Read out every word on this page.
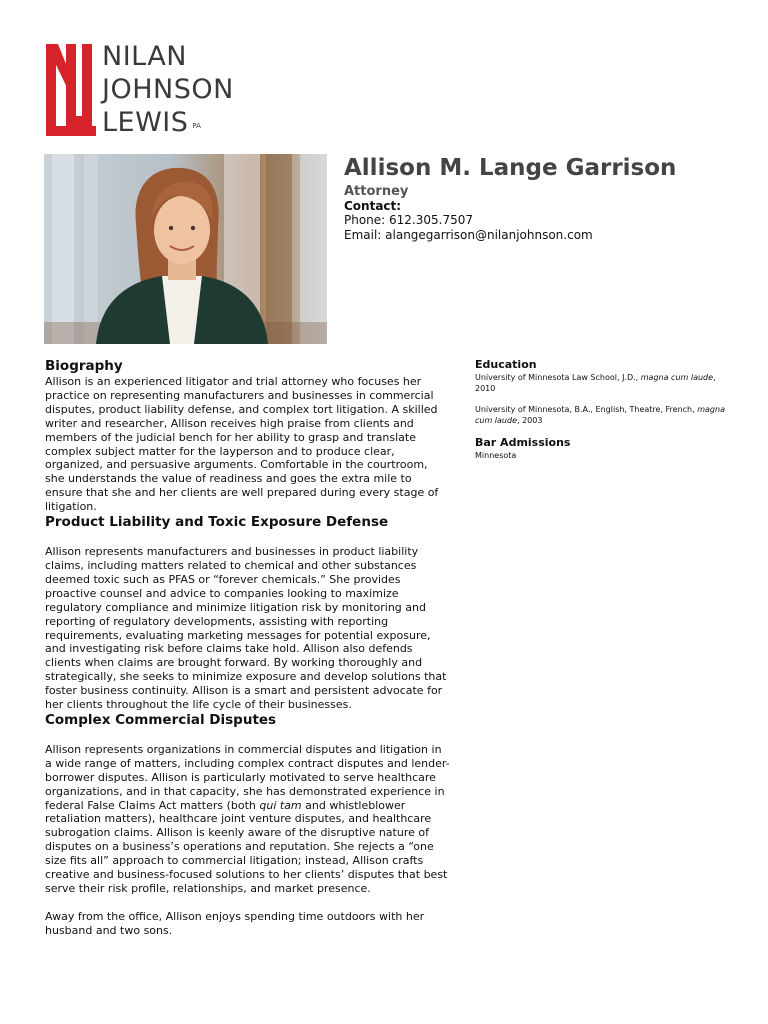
NILAN
JOHNSON
LEWIS $^{PA}$
Allison M. Lange Garrison
Attorney
Contact:
Phone: 612.305.7507
Email: alangegarrison@nilanjohnson.com
Biography
Allison is an experienced litigator and trial attorney who focuses her practice on representing manufacturers and businesses in commercial disputes, product liability defense, and complex tort litigation. A skilled writer and researcher, Allison receives high praise from clients and members of the judicial bench for her ability to grasp and translate complex subject matter for the layperson and to produce clear, organized, and persuasive arguments. Comfortable in the courtroom, she understands the value of readiness and goes the extra mile to ensure that she and her clients are well prepared during every stage of litigation.
Product Liability and Toxic Exposure Defense
Allison represents manufacturers and businesses in product liability claims, including matters related to chemical and other substances deemed toxic such as PFAS or “forever chemicals.” She provides proactive counsel and advice to companies looking to maximize regulatory compliance and minimize litigation risk by monitoring and reporting of regulatory developments, assisting with reporting requirements, evaluating marketing messages for potential exposure, and investigating risk before claims take hold. Allison also defends clients when claims are brought forward. By working thoroughly and strategically, she seeks to minimize exposure and develop solutions that foster business continuity. Allison is a smart and persistent advocate for her clients throughout the life cycle of their businesses.
Complex Commercial Disputes
Allison represents organizations in commercial disputes and litigation in a wide range of matters, including complex contract disputes and lender-borrower disputes. Allison is particularly motivated to serve healthcare organizations, and in that capacity, she has demonstrated experience in federal False Claims Act matters (both qui tam and whistleblower retaliation matters), healthcare joint venture disputes, and healthcare subrogation claims. Allison is keenly aware of the disruptive nature of disputes on a business’s operations and reputation. She rejects a “one size fits all” approach to commercial litigation; instead, Allison crafts creative and business-focused solutions to her clients’ disputes that best serve their risk profile, relationships, and market presence.
Away from the office, Allison enjoys spending time outdoors with her husband and two sons.
Education
University of Minnesota Law School, J.D., magna cum laude, 2010
University of Minnesota, B.A., English, Theatre, French, magna cum laude, 2003
Bar Admissions
Minnesota
